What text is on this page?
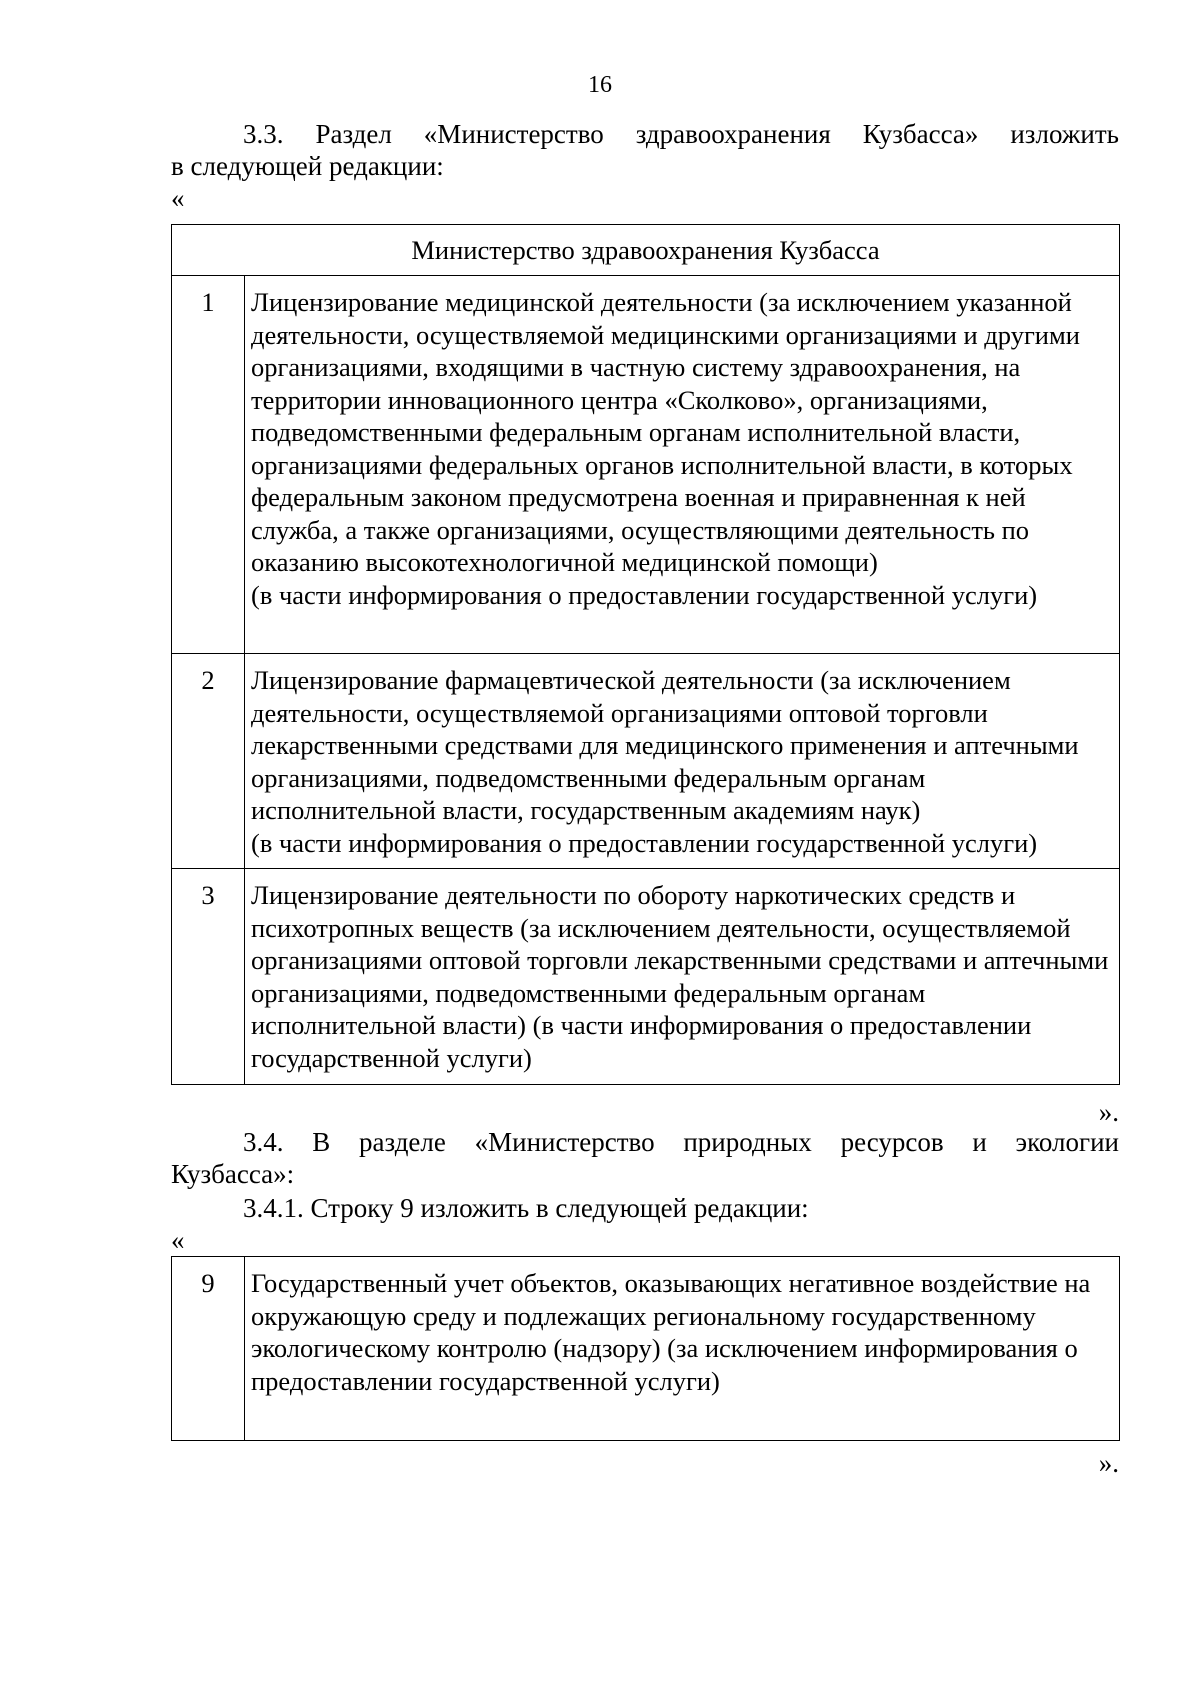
16
3.3. Раздел «Министерство здравоохранения Кузбасса» изложить
в следующей редакции:
«
Министерство здравоохранения Кузбасса	
1	Лицензирование медицинской деятельности (за исключением указанной деятельности, осуществляемой медицинскими организациями и другими организациями, входящими в частную систему здравоохранения, на территории инновационного центра «Сколково», организациями, подведомственными федеральным органам исполнительной власти, организациями федеральных органов исполнительной власти, в которых федеральным законом предусмотрена военная и приравненная к ней служба, а также организациями, осуществляющими деятельность по оказанию высокотехнологичной медицинской помощи)
(в части информирования о предоставлении государственной услуги)

2	Лицензирование фармацевтической деятельности (за исключением деятельности, осуществляемой организациями оптовой торговли лекарственными средствами для медицинского применения и аптечными организациями, подведомственными федеральным органам исполнительной власти, государственным академиям наук)
(в части информирования о предоставлении государственной услуги)

3	Лицензирование деятельности по обороту наркотических средств и психотропных веществ (за исключением деятельности, осуществляемой организациями оптовой торговли лекарственными средствами и аптечными организациями, подведомственными федеральным органам исполнительной власти) (в части информирования о предоставлении государственной услуги)
».
3.4. В разделе «Министерство природных ресурсов и экологии
Кузбасса»:
3.4.1. Строку 9 изложить в следующей редакции:
«
9	Государственный учет объектов, оказывающих негативное воздействие на окружающую среду и подлежащих региональному государственному экологическому контролю (надзору) (за исключением информирования о предоставлении государственной услуги)
».
